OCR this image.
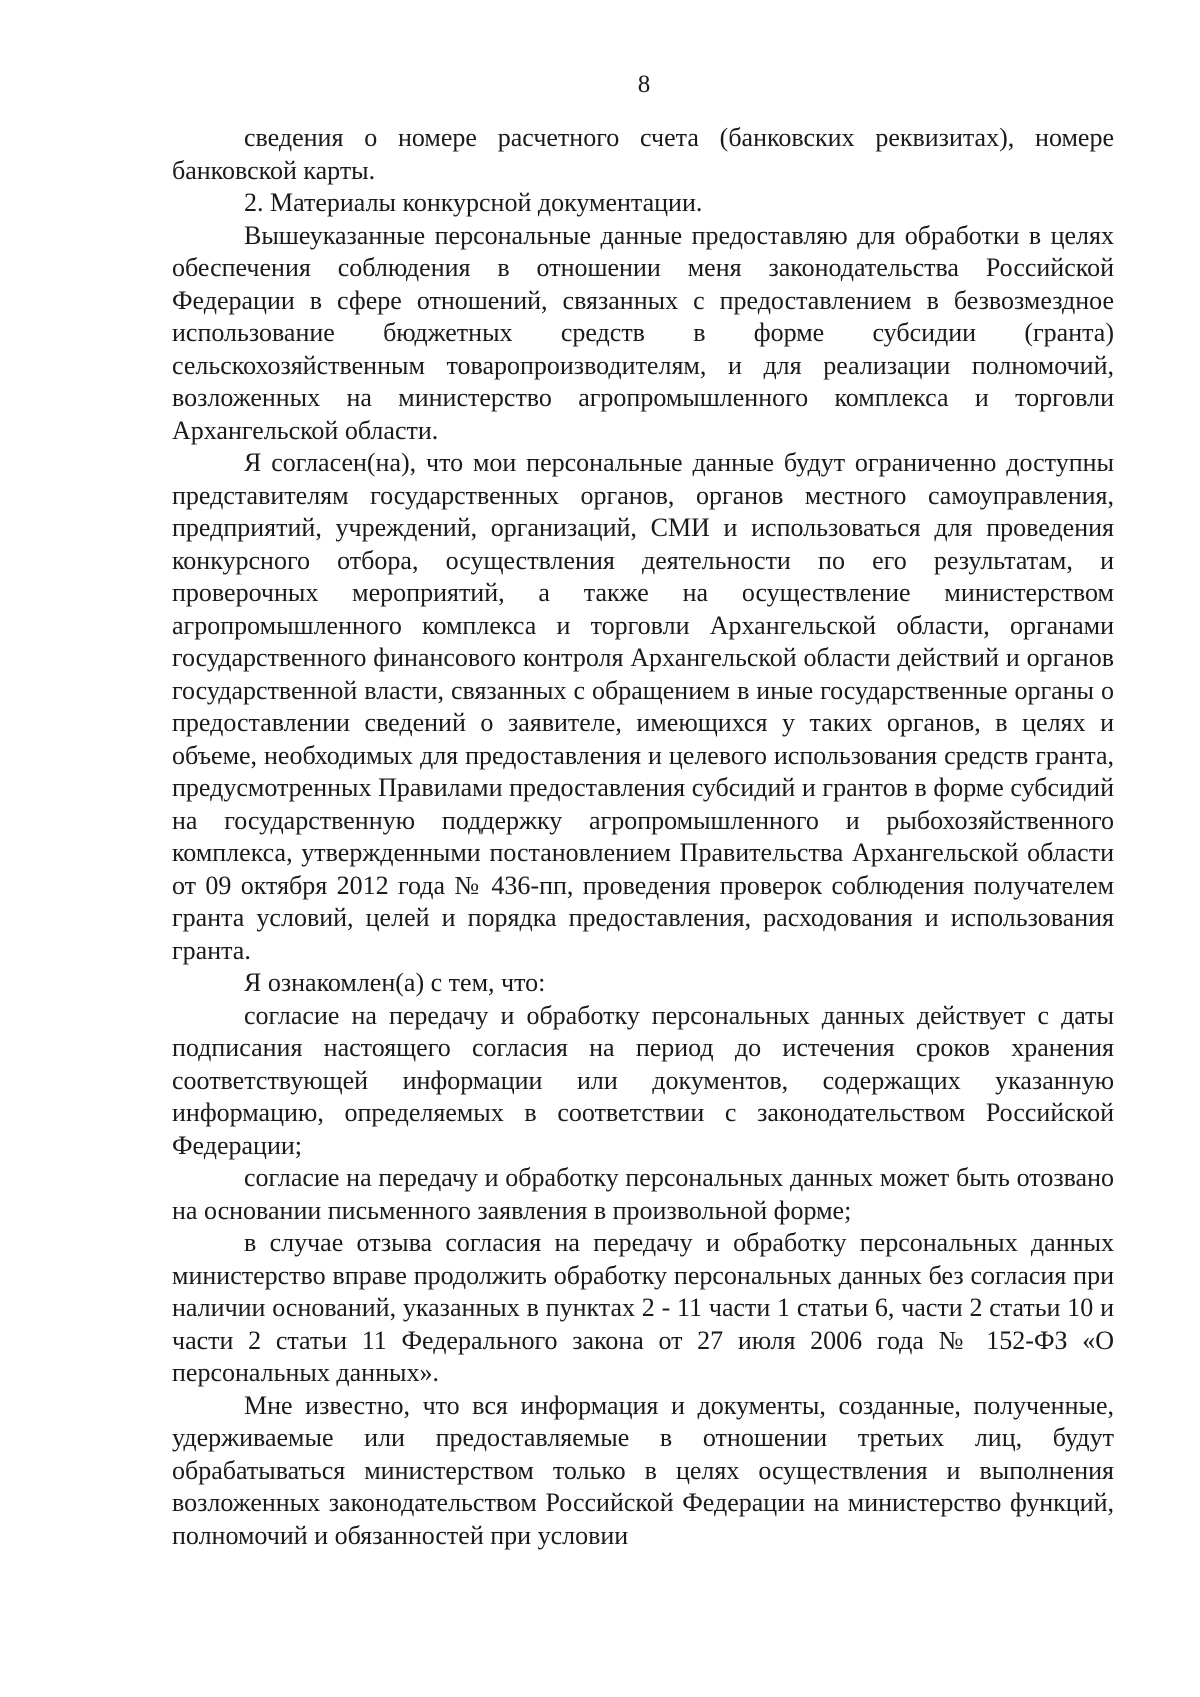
8

сведения о номере расчетного счета (банковских реквизитах), номере банковской карты.

2. Материалы конкурсной документации.

Вышеуказанные персональные данные предоставляю для обработки в целях обеспечения соблюдения в отношении меня законодательства Российской Федерации в сфере отношений, связанных с предоставлением в безвозмездное использование бюджетных средств в форме субсидии (гранта) сельскохозяйственным товаропроизводителям, и для реализации полномочий, возложенных на министерство агропромышленного комплекса и торговли Архангельской области.

Я согласен(на), что мои персональные данные будут ограниченно доступны представителям государственных органов, органов местного самоуправления, предприятий, учреждений, организаций, СМИ и использоваться для проведения конкурсного отбора, осуществления деятельности по его результатам, и проверочных мероприятий, а также на осуществление министерством агропромышленного комплекса и торговли Архангельской области, органами государственного финансового контроля Архангельской области действий и органов государственной власти, связанных с обращением в иные государственные органы о предоставлении сведений о заявителе, имеющихся у таких органов, в целях и объеме, необходимых для предоставления и целевого использования средств гранта, предусмотренных Правилами предоставления субсидий и грантов в форме субсидий на государственную поддержку агропромышленного и рыбохозяйственного комплекса, утвержденными постановлением Правительства Архангельской области от 09 октября 2012 года № 436-пп, проведения проверок соблюдения получателем гранта условий, целей и порядка предоставления, расходования и использования гранта.

Я ознакомлен(а) с тем, что:

согласие на передачу и обработку персональных данных действует с даты подписания настоящего согласия на период до истечения сроков хранения соответствующей информации или документов, содержащих указанную информацию, определяемых в соответствии с законодательством Российской Федерации;

согласие на передачу и обработку персональных данных может быть отозвано на основании письменного заявления в произвольной форме;

в случае отзыва согласия на передачу и обработку персональных данных министерство вправе продолжить обработку персональных данных без согласия при наличии оснований, указанных в пунктах 2 - 11 части 1 статьи 6, части 2 статьи 10 и части 2 статьи 11 Федерального закона от 27 июля 2006 года № 152-ФЗ «О персональных данных».

Мне известно, что вся информация и документы, созданные, полученные, удерживаемые или предоставляемые в отношении третьих лиц, будут обрабатываться министерством только в целях осуществления и выполнения возложенных законодательством Российской Федерации на министерство функций, полномочий и обязанностей при условии
